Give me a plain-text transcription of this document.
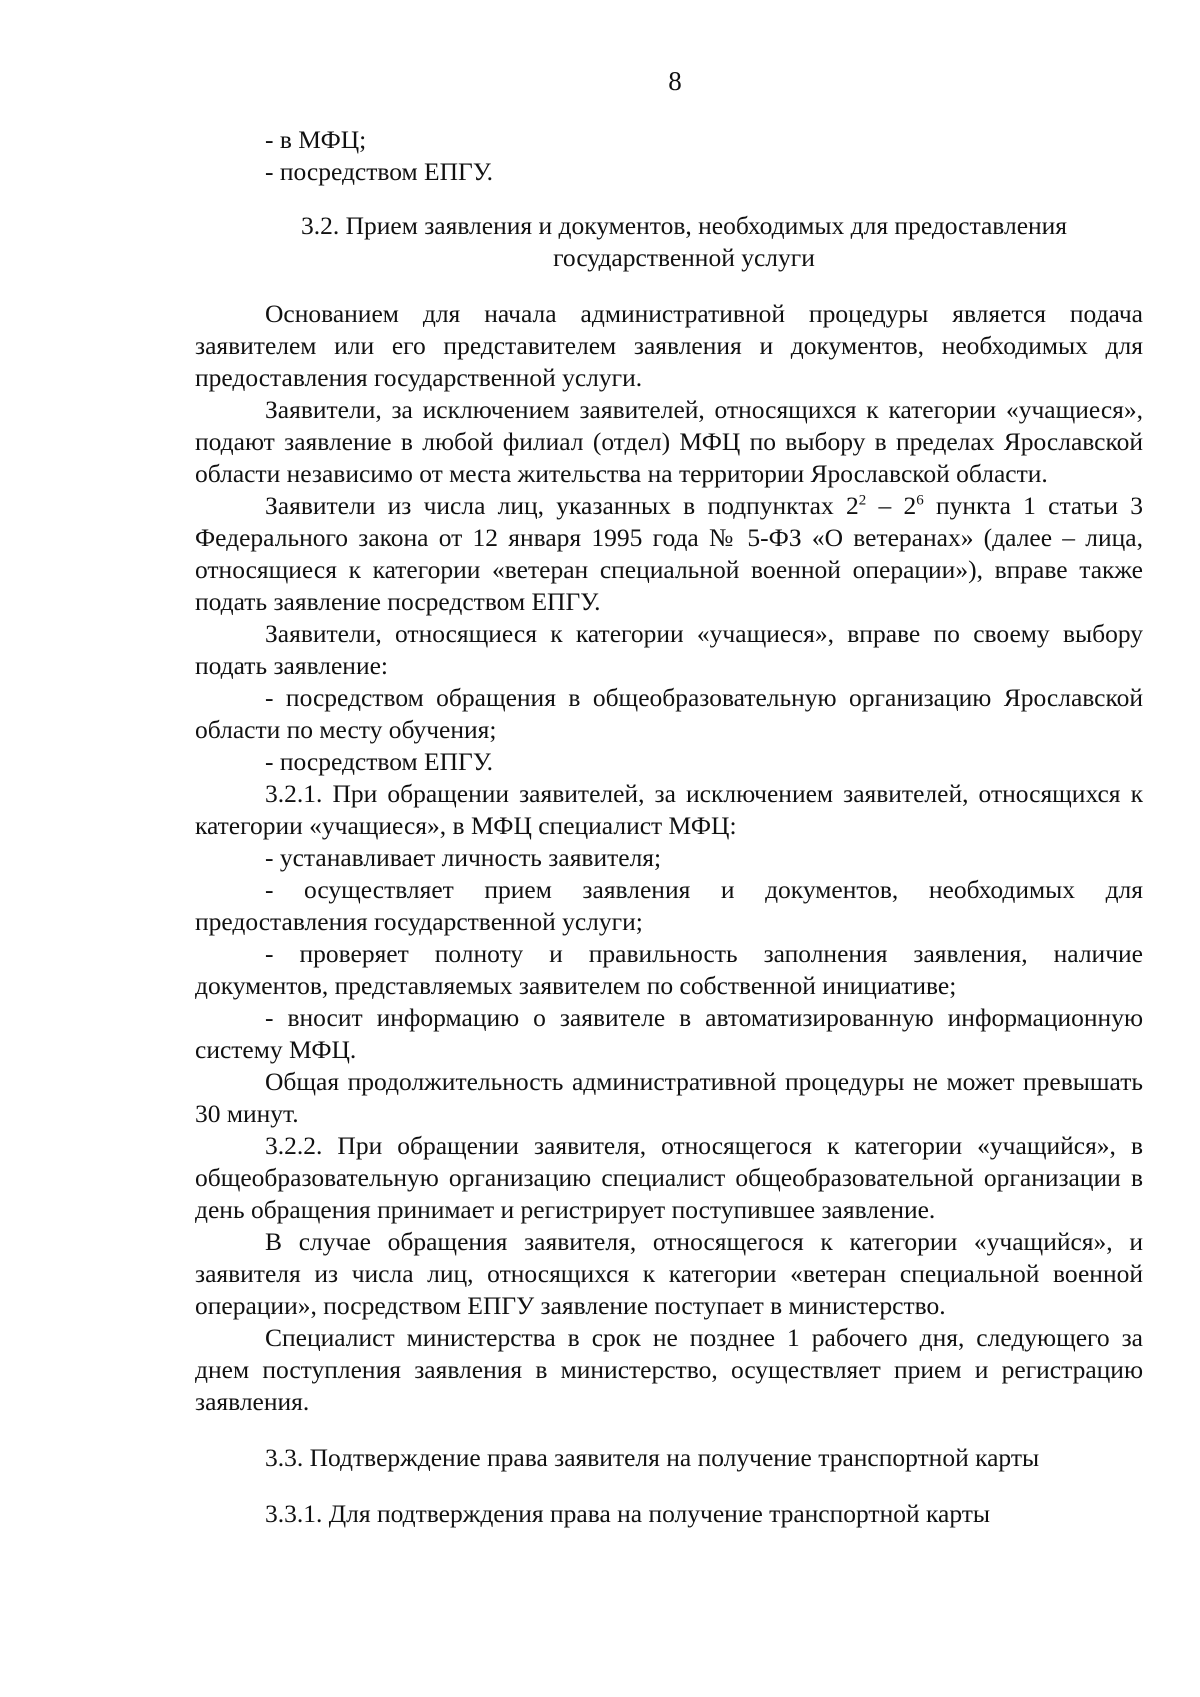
8

- в МФЦ;

- посредством ЕПГУ.

3.2. Прием заявления и документов, необходимых для предоставления
государственной услуги

Основанием для начала административной процедуры является подача заявителем или его представителем заявления и документов, необходимых для предоставления государственной услуги.

Заявители, за исключением заявителей, относящихся к категории «учащиеся», подают заявление в любой филиал (отдел) МФЦ по выбору в пределах Ярославской области независимо от места жительства на территории Ярославской области.

Заявители из числа лиц, указанных в подпунктах $2^2 - 2^6$ пункта 1 статьи 3 Федерального закона от 12 января 1995 года № 5-ФЗ «О ветеранах» (далее – лица, относящиеся к категории «ветеран специальной военной операции»), вправе также подать заявление посредством ЕПГУ.

Заявители, относящиеся к категории «учащиеся», вправе по своему выбору подать заявление:

- посредством обращения в общеобразовательную организацию Ярославской области по месту обучения;

- посредством ЕПГУ.

3.2.1. При обращении заявителей, за исключением заявителей, относящихся к категории «учащиеся», в МФЦ специалист МФЦ:

- устанавливает личность заявителя;

- осуществляет прием заявления и документов, необходимых для предоставления государственной услуги;

- проверяет полноту и правильность заполнения заявления, наличие документов, представляемых заявителем по собственной инициативе;

- вносит информацию о заявителе в автоматизированную информационную систему МФЦ.

Общая продолжительность административной процедуры не может превышать 30 минут.

3.2.2. При обращении заявителя, относящегося к категории «учащийся», в общеобразовательную организацию специалист общеобразовательной организации в день обращения принимает и регистрирует поступившее заявление.

В случае обращения заявителя, относящегося к категории «учащийся», и заявителя из числа лиц, относящихся к категории «ветеран специальной военной операции», посредством ЕПГУ заявление поступает в министерство.

Специалист министерства в срок не позднее 1 рабочего дня, следующего за днем поступления заявления в министерство, осуществляет прием и регистрацию заявления.

3.3. Подтверждение права заявителя на получение транспортной карты

3.3.1. Для подтверждения права на получение транспортной карты
